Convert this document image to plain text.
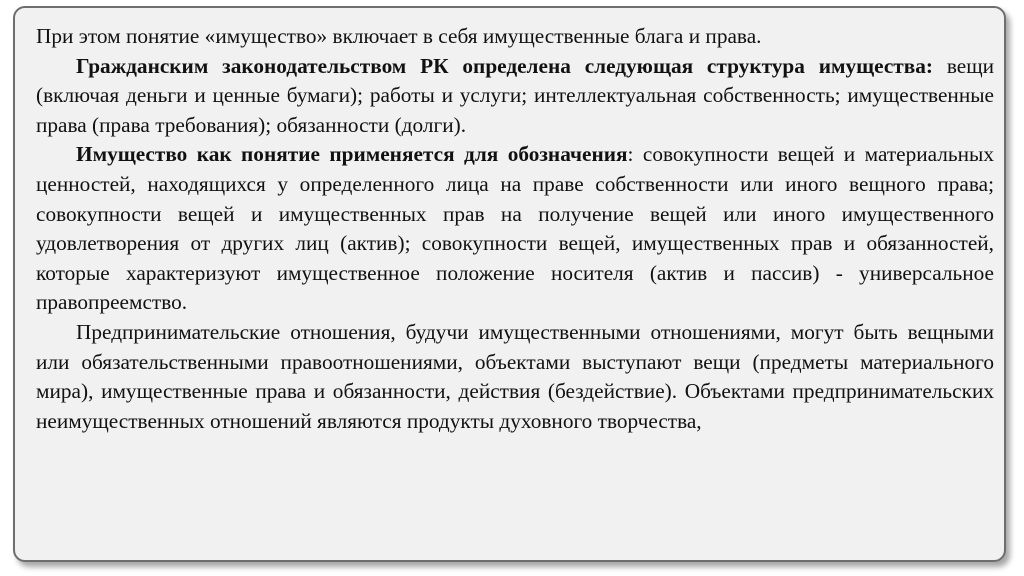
При этом понятие «имущество» включает в себя имущественные блага и права.

Гражданским законодательством РК определена следующая структура имущества: вещи (включая деньги и ценные бумаги); работы и услуги; интеллектуальная собственность; имущественные права (права требования); обязанности (долги).

Имущество как понятие применяется для обозначения: совокупности вещей и материальных ценностей, находящихся у определенного лица на праве собственности или иного вещного права; совокупности вещей и имущественных прав на получение вещей или иного имущественного удовлетворения от других лиц (актив); совокупности вещей, имущественных прав и обязанностей, которые характеризуют имущественное положение носителя (актив и пассив) - универсальное правопреемство.

Предпринимательские отношения, будучи имущественными отношениями, могут быть вещными или обязательственными правоотношениями, объектами выступают вещи (предметы материального мира), имущественные права и обязанности, действия (бездействие). Объектами предпринимательских неимущественных отношений являются продукты духовного творчества,
